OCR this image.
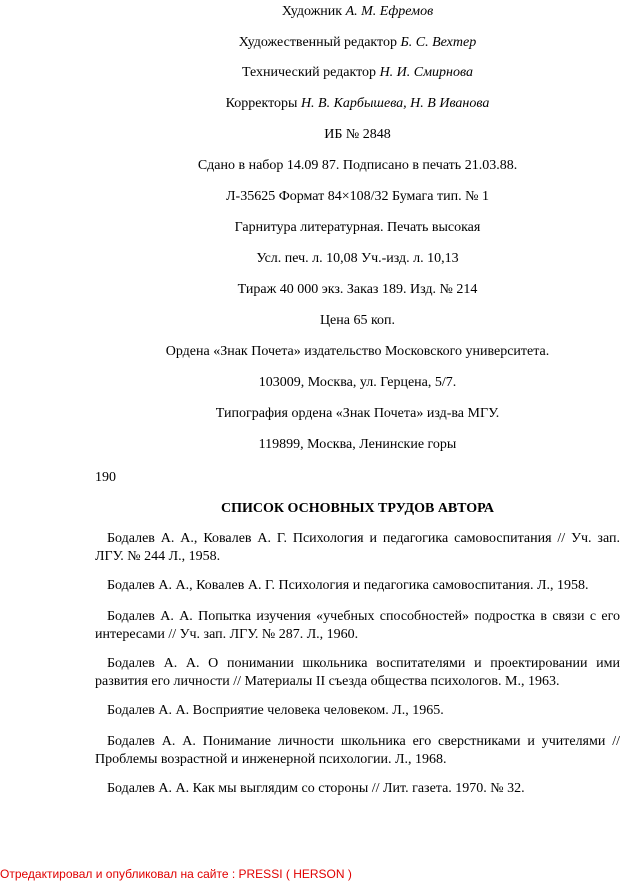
Художник А. М. Ефремов
Художественный редактор Б. С. Вехтер
Технический редактор Н. И. Смирнова
Корректоры Н. В. Карбышева, Н. В Иванова
ИБ № 2848
Сдано в набор 14.09 87. Подписано в печать 21.03.88.
Л-35625 Формат 84×108/32 Бумага тип. № 1
Гарнитура литературная. Печать высокая
Усл. печ. л. 10,08 Уч.-изд. л. 10,13
Тираж 40 000 экз. Заказ 189. Изд. № 214
Цена 65 коп.
Ордена «Знак Почета» издательство Московского университета.
103009, Москва, ул. Герцена, 5/7.
Типография ордена «Знак Почета» изд-ва МГУ.
119899, Москва, Ленинские горы
190
СПИСОК ОСНОВНЫХ ТРУДОВ АВТОРА
Бодалев А. А., Ковалев А. Г. Психология и педагогика самовоспитания // Уч. зап. ЛГУ. № 244 Л., 1958.
Бодалев А. А., Ковалев А. Г. Психология и педагогика самовоспитания. Л., 1958.
Бодалев А. А. Попытка изучения «учебных способностей» подростка в связи с его интересами // Уч. зап. ЛГУ. № 287. Л., 1960.
Бодалев А. А. О понимании школьника воспитателями и проектировании ими развития его личности // Материалы II съезда общества психологов. М., 1963.
Бодалев А. А. Восприятие человека человеком. Л., 1965.
Бодалев А. А. Понимание личности школьника его сверстниками и учителями // Проблемы возрастной и инженерной психологии. Л., 1968.
Бодалев А. А. Как мы выглядим со стороны // Лит. газета. 1970. № 32.
Отредактировал и опубликовал на сайте : PRESSI ( HERSON )
